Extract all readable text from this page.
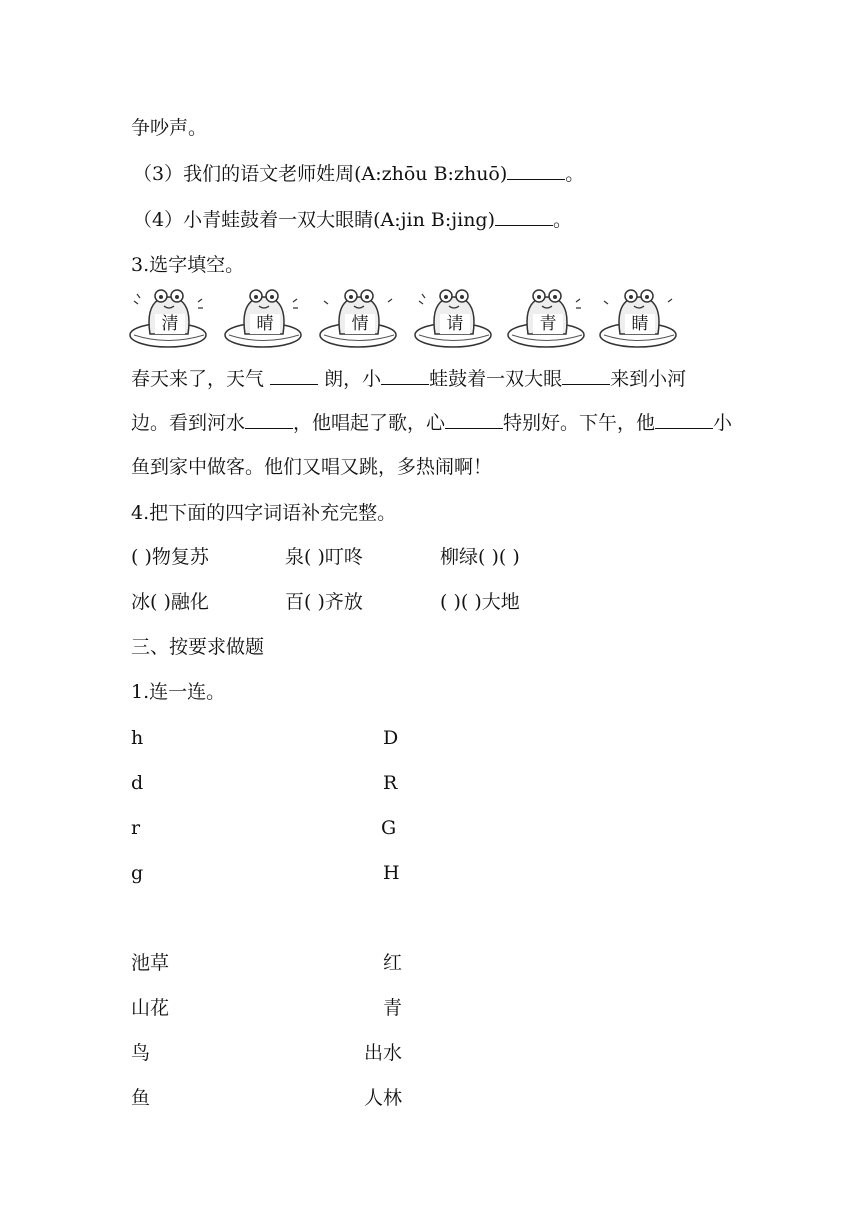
争吵声。
（3）我们的语文老师姓周(A:zhōu B:zhuō)	。
（4）小青蛙鼓着一双大眼睛(A:jin B:jing)	。
3.选字填空。
清	晴	情	请	青	睛
春天来了，天气	朗，小	蛙鼓着一双大眼	来到小河
边。看到河水	，他唱起了歌，心	特别好。下午，他	小
鱼到家中做客。他们又唱又跳，多热闹啊！
4.把下面的四字词语补充完整。
( )物复苏	泉( )叮咚	柳绿( )( )
冰( )融化	百( )齐放	( )( )大地
三、按要求做题
1.连一连。
h
d
r
g
D
R
G
H
池草
山花
鸟
鱼
红
青
出水
人林
